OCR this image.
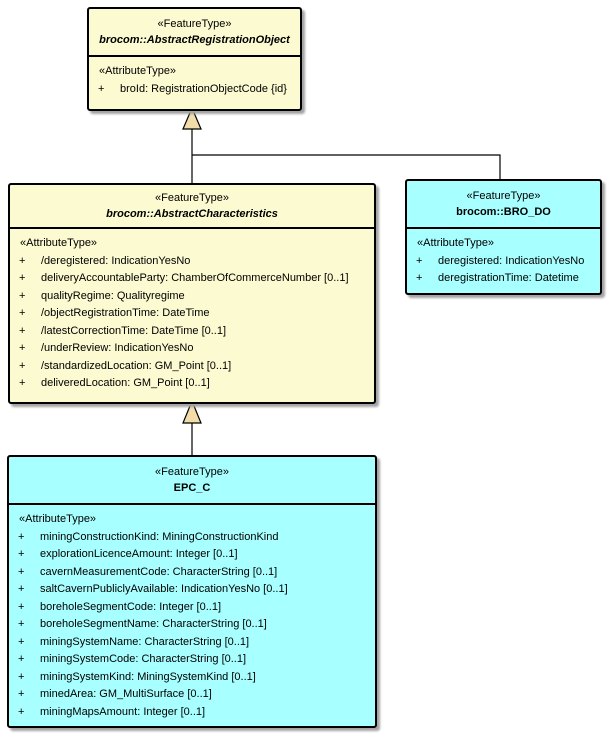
«FeatureType»
brocom::AbstractRegistrationObject
«AttributeType»
+	broId: RegistrationObjectCode {id}
«FeatureType»
brocom::AbstractCharacteristics
«AttributeType»
+	/deregistered: IndicationYesNo
+	deliveryAccountableParty: ChamberOfCommerceNumber [0..1]
+	qualityRegime: Qualityregime
+	/objectRegistrationTime: DateTime
+	/latestCorrectionTime: DateTime [0..1]
+	/underReview: IndicationYesNo
+	/standardizedLocation: GM_Point [0..1]
+	deliveredLocation: GM_Point [0..1]
«FeatureType»
brocom::BRO_DO
«AttributeType»
+	deregistered: IndicationYesNo
+	deregistrationTime: Datetime
«FeatureType»
EPC_C
«AttributeType»
+	miningConstructionKind: MiningConstructionKind
+	explorationLicenceAmount: Integer [0..1]
+	cavernMeasurementCode: CharacterString [0..1]
+	saltCavernPubliclyAvailable: IndicationYesNo [0..1]
+	boreholeSegmentCode: Integer [0..1]
+	boreholeSegmentName: CharacterString [0..1]
+	miningSystemName: CharacterString [0..1]
+	miningSystemCode: CharacterString [0..1]
+	miningSystemKind: MiningSystemKind [0..1]
+	minedArea: GM_MultiSurface [0..1]
+	miningMapsAmount: Integer [0..1]
